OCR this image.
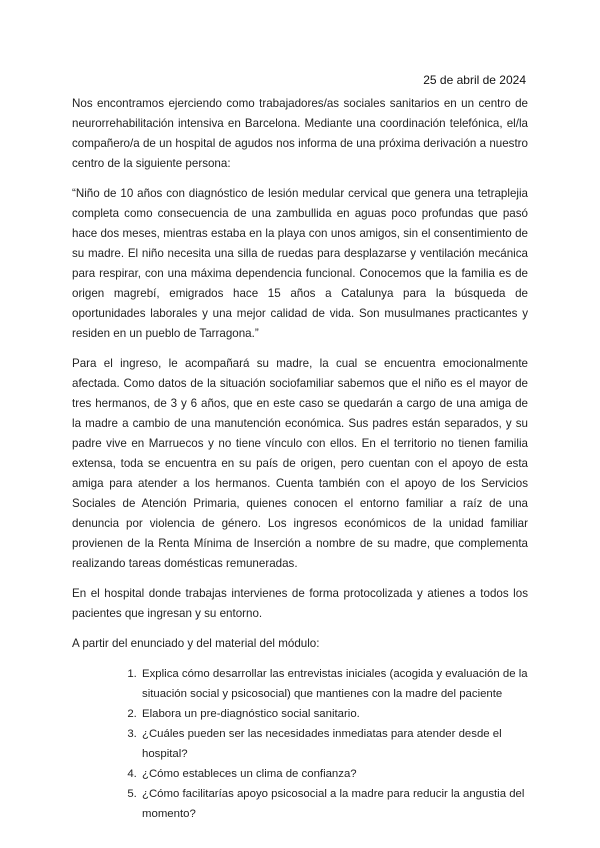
25 de abril de 2024

Nos encontramos ejerciendo como trabajadores/as sociales sanitarios en un centro de neurorrehabilitación intensiva en Barcelona. Mediante una coordinación telefónica, el/la compañero/a de un hospital de agudos nos informa de una próxima derivación a nuestro centro de la siguiente persona:

“Niño de 10 años con diagnóstico de lesión medular cervical que genera una tetraplejia completa como consecuencia de una zambullida en aguas poco profundas que pasó hace dos meses, mientras estaba en la playa con unos amigos, sin el consentimiento de su madre. El niño necesita una silla de ruedas para desplazarse y ventilación mecánica para respirar, con una máxima dependencia funcional. Conocemos que la familia es de origen magrebí, emigrados hace 15 años a Catalunya para la búsqueda de oportunidades laborales y una mejor calidad de vida. Son musulmanes practicantes y residen en un pueblo de Tarragona.”

Para el ingreso, le acompañará su madre, la cual se encuentra emocionalmente afectada. Como datos de la situación sociofamiliar sabemos que el niño es el mayor de tres hermanos, de 3 y 6 años, que en este caso se quedarán a cargo de una amiga de la madre a cambio de una manutención económica. Sus padres están separados, y su padre vive en Marruecos y no tiene vínculo con ellos. En el territorio no tienen familia extensa, toda se encuentra en su país de origen, pero cuentan con el apoyo de esta amiga para atender a los hermanos. Cuenta también con el apoyo de los Servicios Sociales de Atención Primaria, quienes conocen el entorno familiar a raíz de una denuncia por violencia de género. Los ingresos económicos de la unidad familiar provienen de la Renta Mínima de Inserción a nombre de su madre, que complementa realizando tareas domésticas remuneradas.

En el hospital donde trabajas intervienes de forma protocolizada y atienes a todos los pacientes que ingresan y su entorno.

A partir del enunciado y del material del módulo:

1. Explica cómo desarrollar las entrevistas iniciales (acogida y evaluación de la situación social y psicosocial) que mantienes con la madre del paciente
2. Elabora un pre-diagnóstico social sanitario.
3. ¿Cuáles pueden ser las necesidades inmediatas para atender desde el hospital?
4. ¿Cómo estableces un clima de confianza?
5. ¿Cómo facilitarías apoyo psicosocial a la madre para reducir la angustia del momento?
